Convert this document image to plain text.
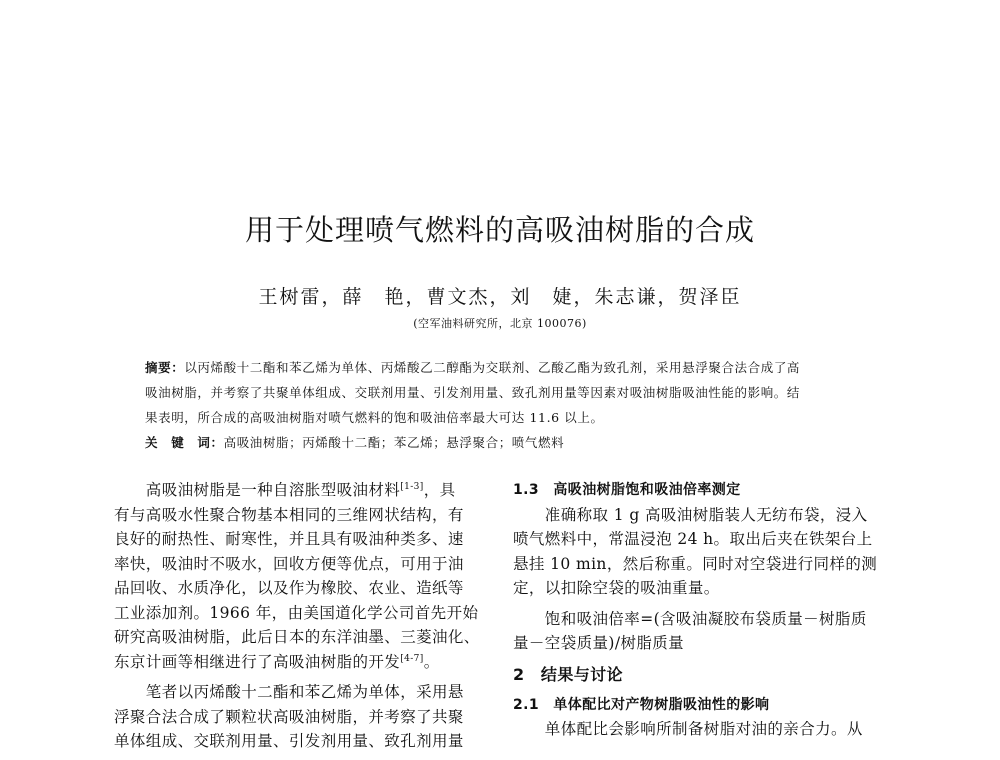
用于处理喷气燃料的高吸油树脂的合成
王树雷，薛　艳，曹文杰，刘　婕，朱志谦，贺泽臣
(空军油料研究所，北京 100076)
摘要：以丙烯酸十二酯和苯乙烯为单体、丙烯酸乙二醇酯为交联剂、乙酸乙酯为致孔剂，采用悬浮聚合法合成了高
吸油树脂，并考察了共聚单体组成、交联剂用量、引发剂用量、致孔剂用量等因素对吸油树脂吸油性能的影响。结
果表明，所合成的高吸油树脂对喷气燃料的饱和吸油倍率最大可达 11.6 以上。
关　键　词：高吸油树脂；丙烯酸十二酯；苯乙烯；悬浮聚合；喷气燃料
　　高吸油树脂是一种自溶胀型吸油材料[1-3]，具
有与高吸水性聚合物基本相同的三维网状结构，有
良好的耐热性、耐寒性，并且具有吸油种类多、速
率快，吸油时不吸水，回收方便等优点，可用于油
品回收、水质净化，以及作为橡胶、农业、造纸等
工业添加剂。1966 年，由美国道化学公司首先开始
研究高吸油树脂，此后日本的东洋油墨、三菱油化、
东京计画等相继进行了高吸油树脂的开发[4-7]。
　　笔者以丙烯酸十二酯和苯乙烯为单体，采用悬
浮聚合法合成了颗粒状高吸油树脂，并考察了共聚
单体组成、交联剂用量、引发剂用量、致孔剂用量
1.3　高吸油树脂饱和吸油倍率测定
　　准确称取 1 g 高吸油树脂装人无纺布袋，浸入
喷气燃料中，常温浸泡 24 h。取出后夹在铁架台上
悬挂 10 min，然后称重。同时对空袋进行同样的测
定，以扣除空袋的吸油重量。
　　饱和吸油倍率=(含吸油凝胶布袋质量－树脂质
量－空袋质量)/树脂质量
2　结果与讨论
2.1　单体配比对产物树脂吸油性的影响
　　单体配比会影响所制备树脂对油的亲合力。从
